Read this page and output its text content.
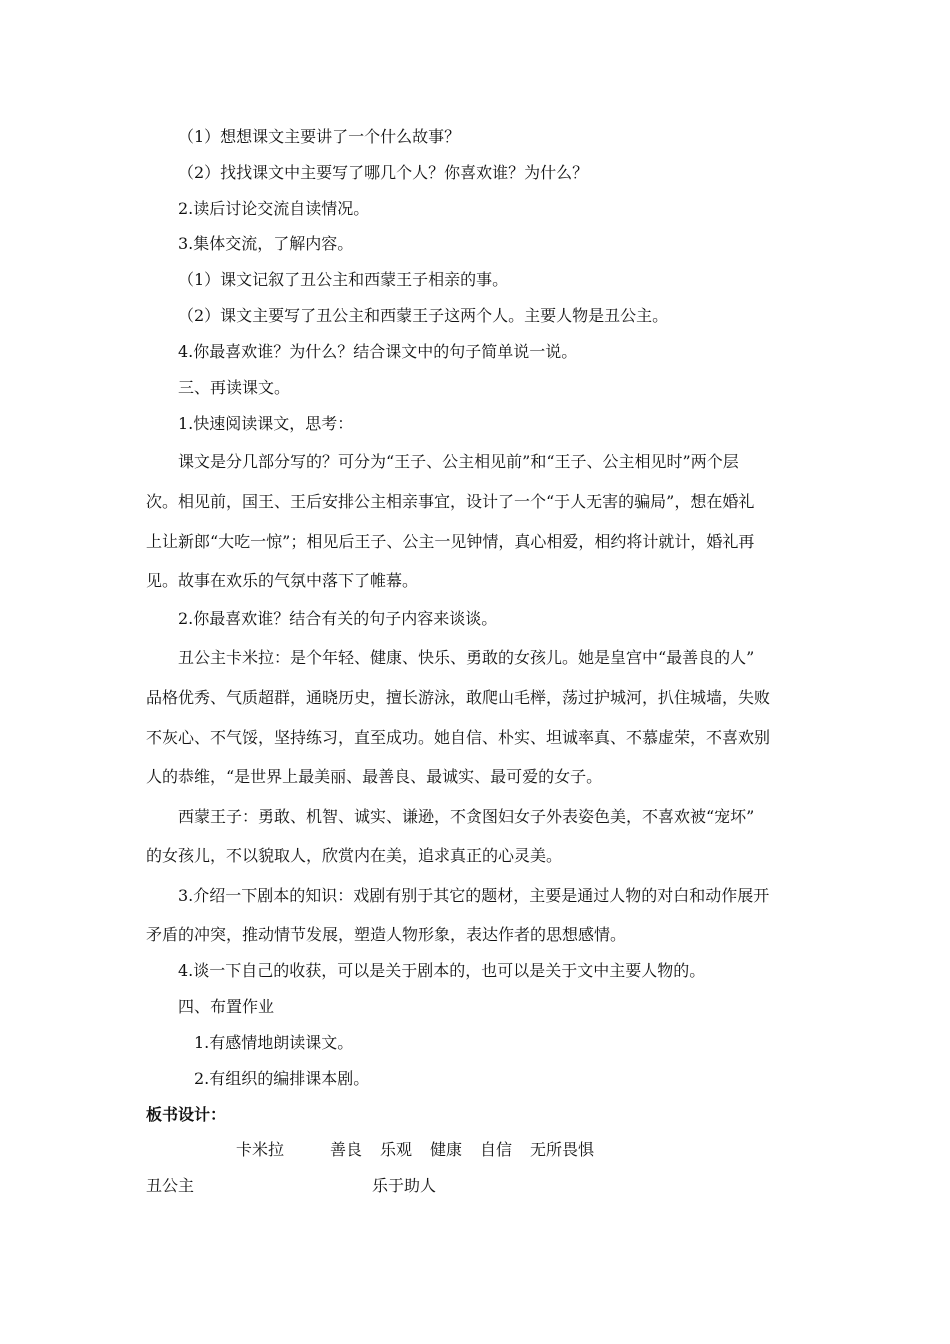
（1）想想课文主要讲了一个什么故事？
（2）找找课文中主要写了哪几个人？你喜欢谁？为什么？
2.读后讨论交流自读情况。
3.集体交流，了解内容。
（1）课文记叙了丑公主和西蒙王子相亲的事。
（2）课文主要写了丑公主和西蒙王子这两个人。主要人物是丑公主。
4.你最喜欢谁？为什么？结合课文中的句子简单说一说。
三、再读课文。
1.快速阅读课文，思考：
课文是分几部分写的？可分为“王子、公主相见前”和“王子、公主相见时”两个层
次。相见前，国王、王后安排公主相亲事宜，设计了一个“于人无害的骗局”，想在婚礼
上让新郎“大吃一惊”；相见后王子、公主一见钟情，真心相爱，相约将计就计，婚礼再
见。故事在欢乐的气氛中落下了帷幕。
2.你最喜欢谁？结合有关的句子内容来谈谈。
丑公主卡米拉：是个年轻、健康、快乐、勇敢的女孩儿。她是皇宫中“最善良的人”
品格优秀、气质超群，通晓历史，擅长游泳，敢爬山毛榉，荡过护城河，扒住城墙，失败
不灰心、不气馁，坚持练习，直至成功。她自信、朴实、坦诚率真、不慕虚荣，不喜欢别
人的恭维，“是世界上最美丽、最善良、最诚实、最可爱的女子。
西蒙王子：勇敢、机智、诚实、谦逊，不贪图妇女子外表姿色美，不喜欢被“宠坏”
的女孩儿，不以貌取人，欣赏内在美，追求真正的心灵美。
3.介绍一下剧本的知识：戏剧有别于其它的题材，主要是通过人物的对白和动作展开
矛盾的冲突，推动情节发展，塑造人物形象，表达作者的思想感情。
4.谈一下自己的收获，可以是关于剧本的，也可以是关于文中主要人物的。
四、布置作业
1.有感情地朗读课文。
2.有组织的编排课本剧。
板书设计：
卡米拉	善良 乐观 健康 自信 无所畏惧
丑公主	乐于助人
